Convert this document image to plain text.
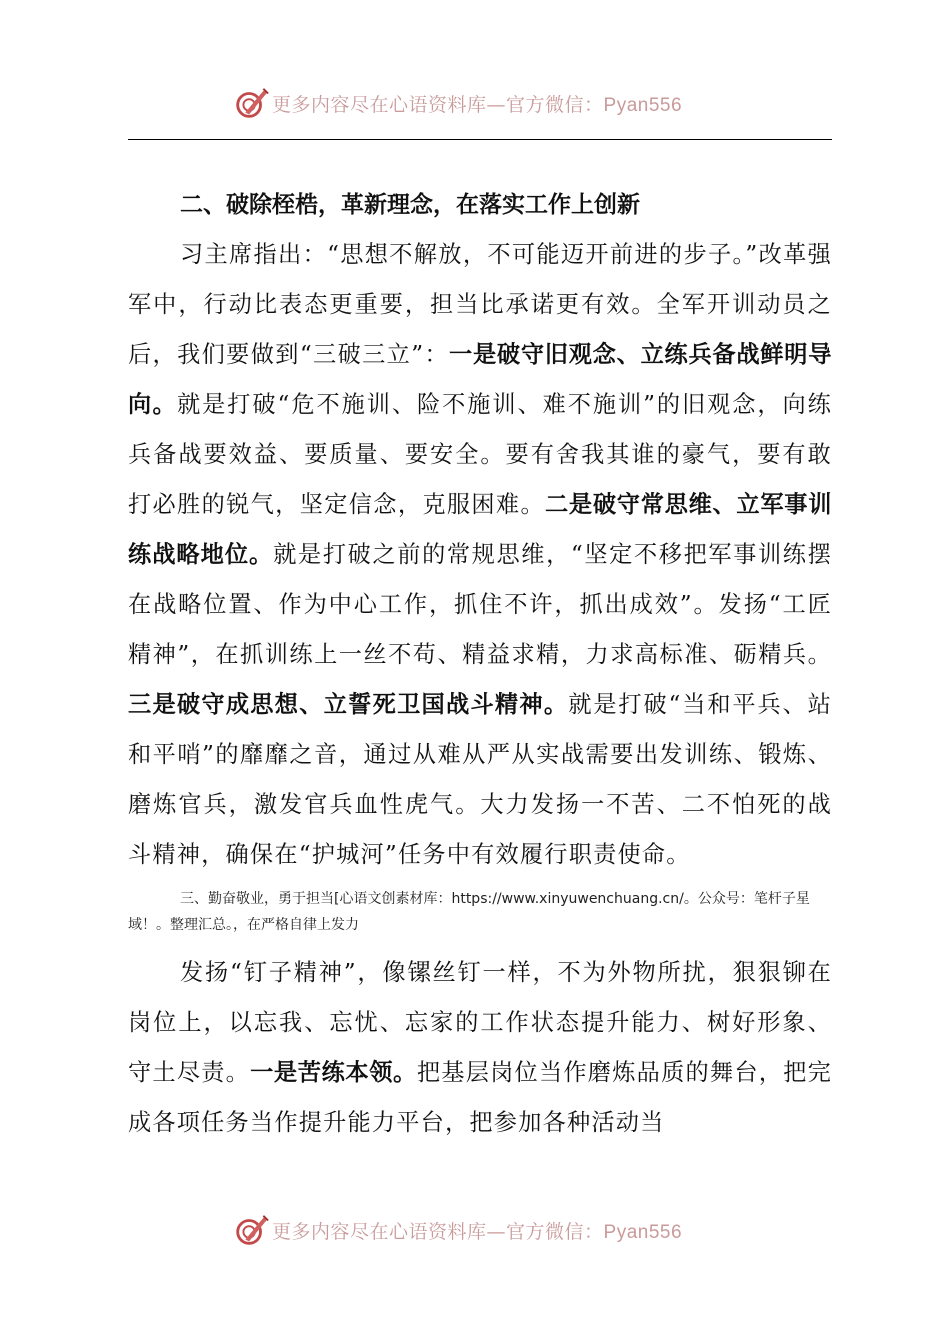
更多内容尽在心语资料库—官方微信：Pyan556
二、破除桎梏，革新理念，在落实工作上创新

习主席指出：“思想不解放，不可能迈开前进的步子。”改革强军中，行动比表态更重要，担当比承诺更有效。全军开训动员之后，我们要做到“三破三立”：一是破守旧观念、立练兵备战鲜明导向。就是打破“危不施训、险不施训、难不施训”的旧观念，向练兵备战要效益、要质量、要安全。要有舍我其谁的豪气，要有敢打必胜的锐气，坚定信念，克服困难。二是破守常思维、立军事训练战略地位。就是打破之前的常规思维，“坚定不移把军事训练摆在战略位置、作为中心工作，抓住不许，抓出成效”。发扬“工匠精神”，在抓训练上一丝不苟、精益求精，力求高标准、砺精兵。三是破守成思想、立誓死卫国战斗精神。就是打破“当和平兵、站和平哨”的靡靡之音，通过从难从严从实战需要出发训练、锻炼、磨炼官兵，激发官兵血性虎气。大力发扬一不苦、二不怕死的战斗精神，确保在“护城河”任务中有效履行职责使命。

三、勤奋敬业，勇于担当[心语文创素材库：https://www.xinyuwenchuang.cn/。公众号：笔杆子星域！。整理汇总。，在严格自律上发力

发扬“钉子精神”，像镙丝钉一样，不为外物所扰，狠狠铆在岗位上，以忘我、忘忧、忘家的工作状态提升能力、树好形象、守土尽责。一是苦练本领。把基层岗位当作磨炼品质的舞台，把完成各项任务当作提升能力平台，把参加各种活动当

更多内容尽在心语资料库—官方微信：Pyan556
